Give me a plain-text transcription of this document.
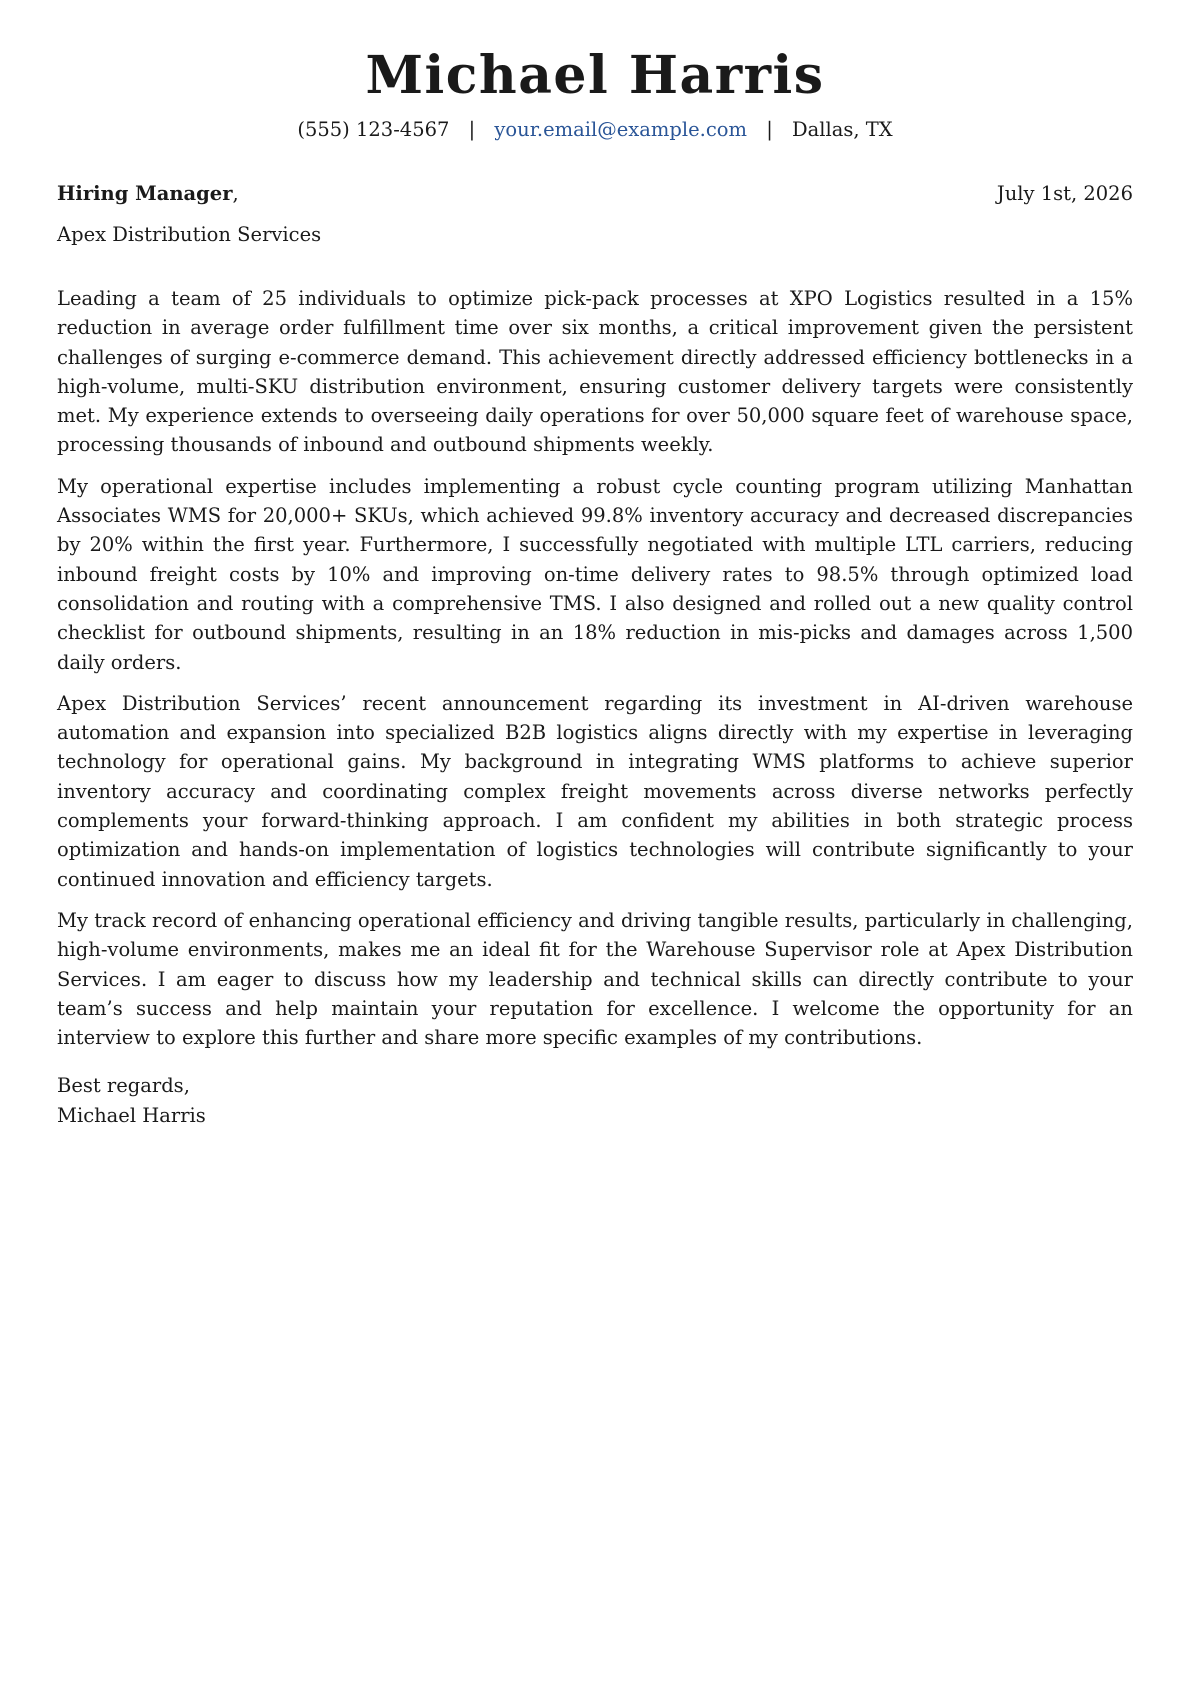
Michael Harris
(555) 123-4567 | your.email@example.com | Dallas, TX
Hiring Manager,	July 1st, 2026
Apex Distribution Services

Leading a team of 25 individuals to optimize pick-pack processes at XPO Logistics resulted in a 15% reduction in average order fulfillment time over six months, a critical improvement given the persistent challenges of surging e-commerce demand. This achievement directly addressed efficiency bottlenecks in a high-volume, multi-SKU distribution environment, ensuring customer delivery targets were consistently met. My experience extends to overseeing daily operations for over 50,000 square feet of warehouse space, processing thousands of inbound and outbound shipments weekly.

My operational expertise includes implementing a robust cycle counting program utilizing Manhattan Associates WMS for 20,000+ SKUs, which achieved 99.8% inventory accuracy and decreased discrepancies by 20% within the first year. Furthermore, I successfully negotiated with multiple LTL carriers, reducing inbound freight costs by 10% and improving on-time delivery rates to 98.5% through optimized load consolidation and routing with a comprehensive TMS. I also designed and rolled out a new quality control checklist for outbound shipments, resulting in an 18% reduction in mis-picks and damages across 1,500 daily orders.

Apex Distribution Services’ recent announcement regarding its investment in AI-driven warehouse automation and expansion into specialized B2B logistics aligns directly with my expertise in leveraging technology for operational gains. My background in integrating WMS platforms to achieve superior inventory accuracy and coordinating complex freight movements across diverse networks perfectly complements your forward-thinking approach. I am confident my abilities in both strategic process optimization and hands-on implementation of logistics technologies will contribute significantly to your continued innovation and efficiency targets.

My track record of enhancing operational efficiency and driving tangible results, particularly in challenging, high-volume environments, makes me an ideal fit for the Warehouse Supervisor role at Apex Distribution Services. I am eager to discuss how my leadership and technical skills can directly contribute to your team’s success and help maintain your reputation for excellence. I welcome the opportunity for an interview to explore this further and share more specific examples of my contributions.

Best regards,
Michael Harris
